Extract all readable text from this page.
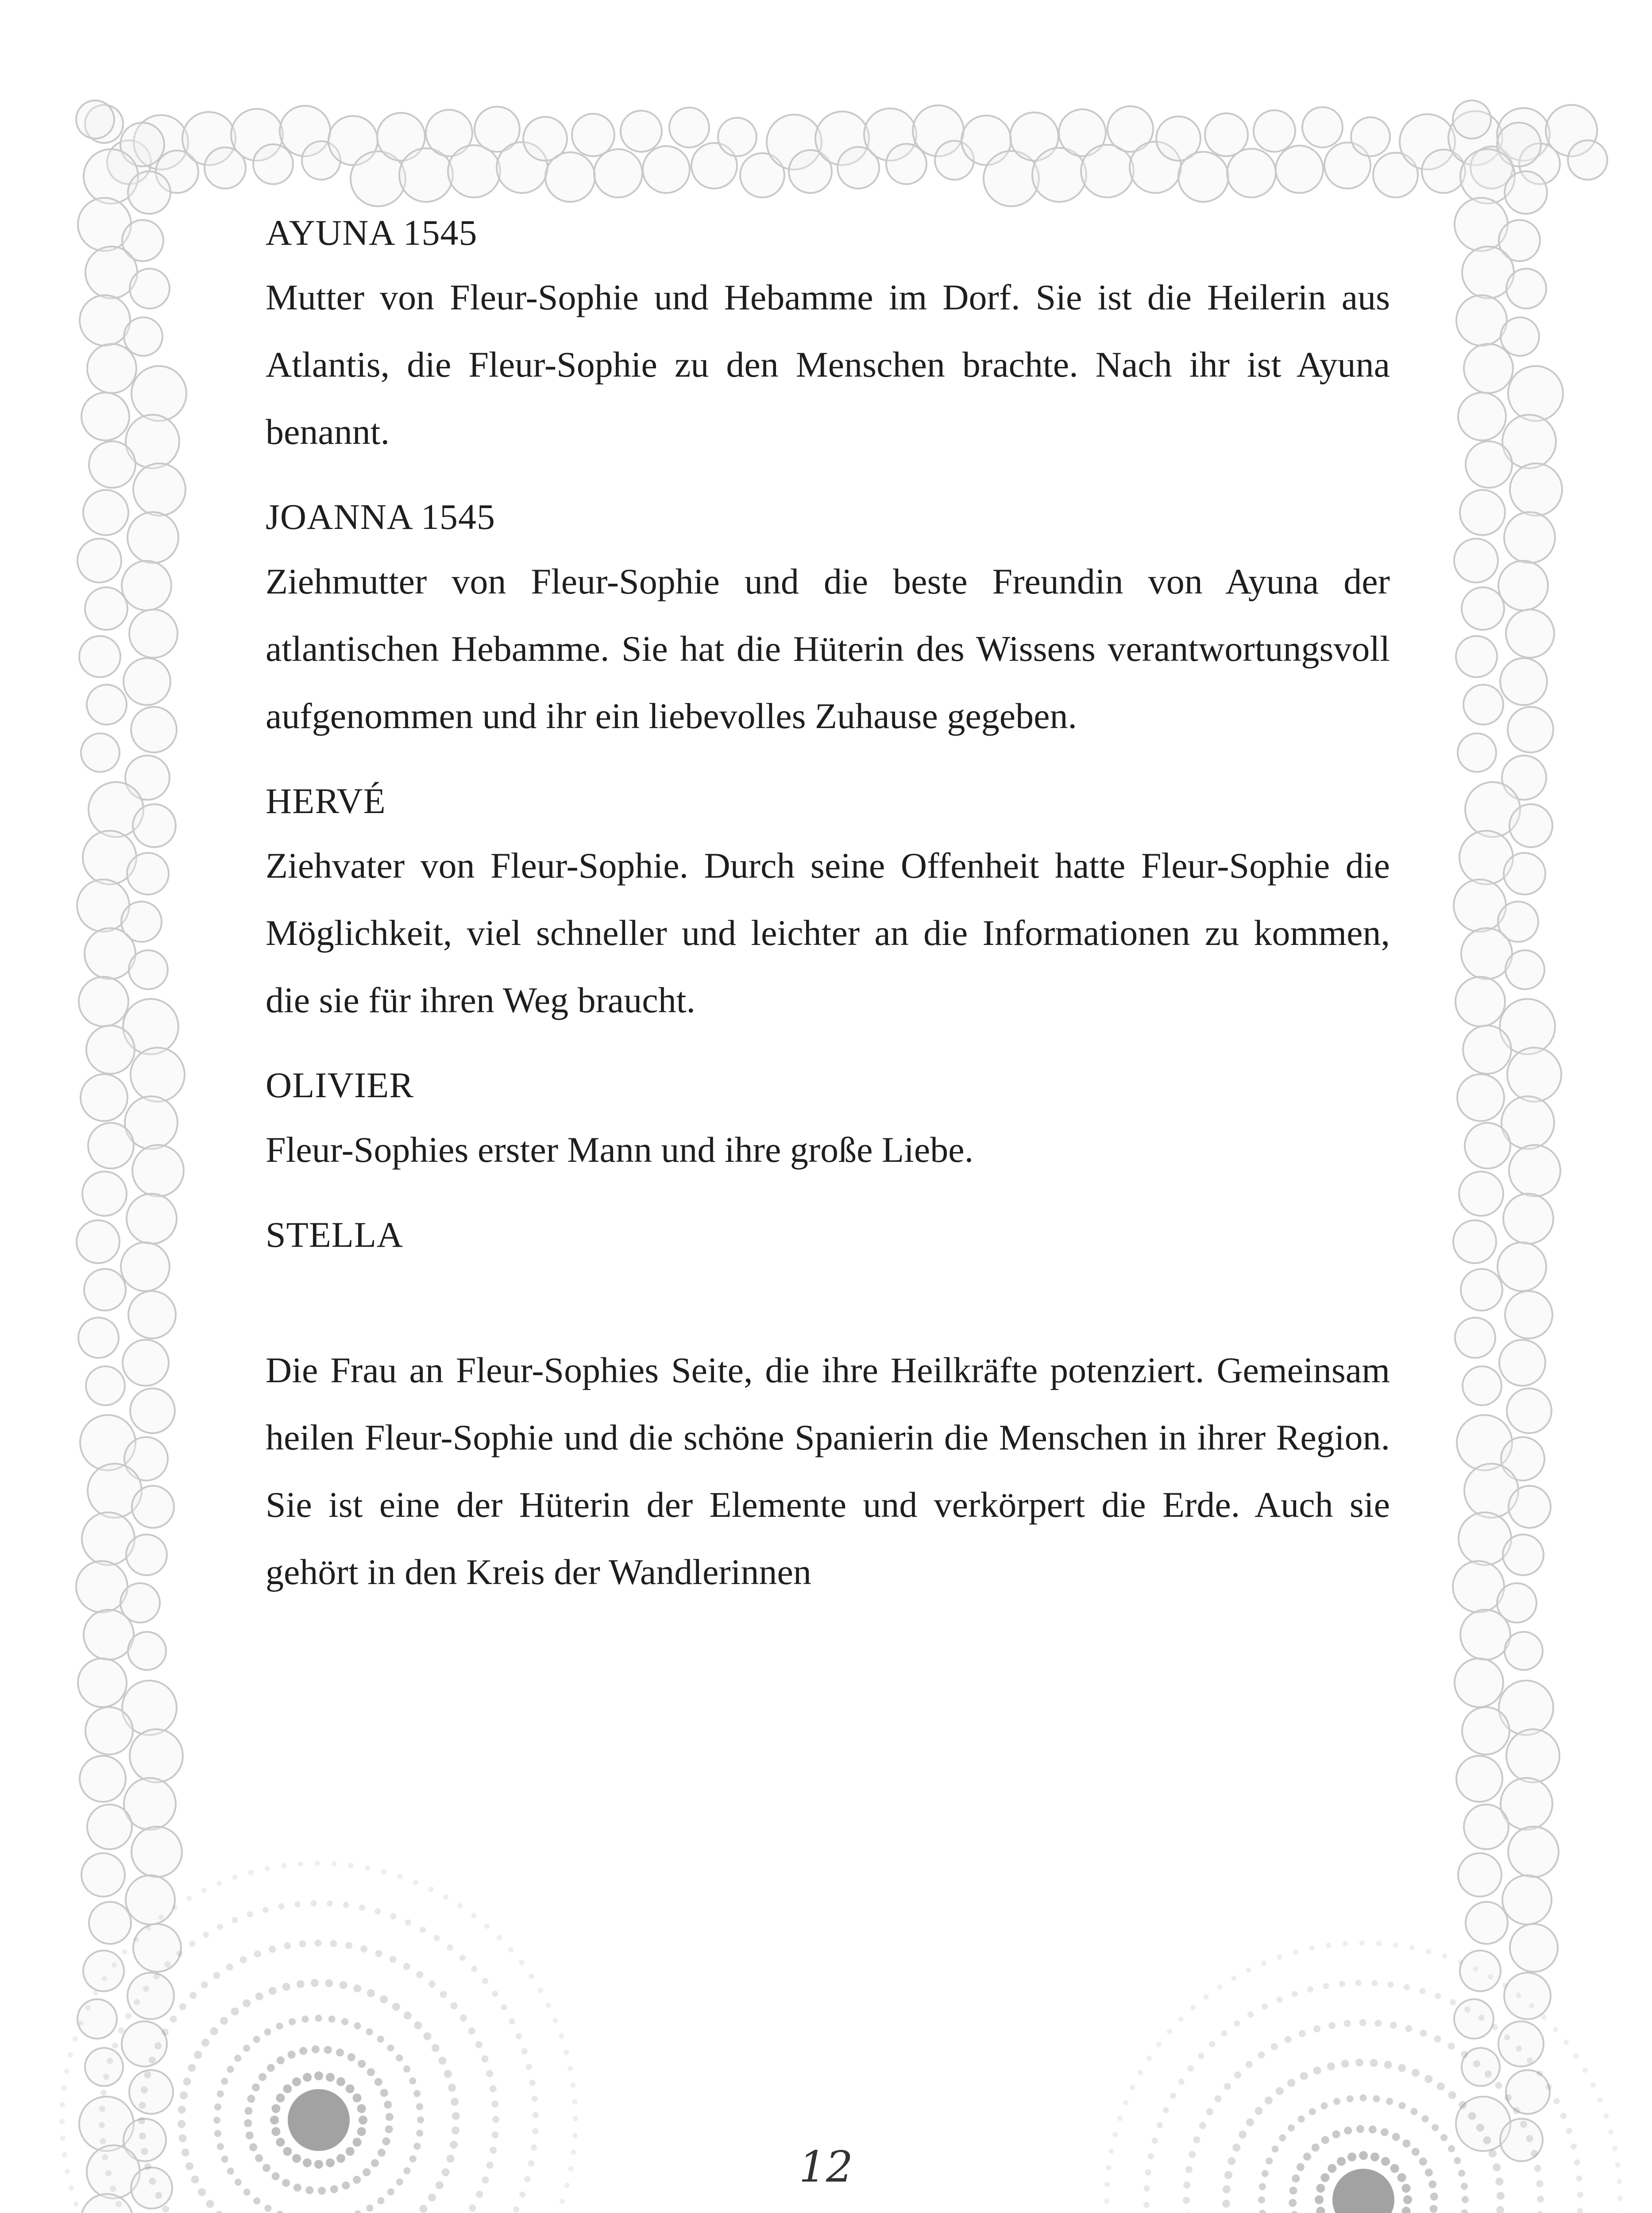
AYUNA 1545

Mutter von Fleur-Sophie und Hebamme im Dorf. Sie ist die Heilerin aus Atlantis, die Fleur-Sophie zu den Menschen brachte. Nach ihr ist Ayuna benannt.

JOANNA 1545

Ziehmutter von Fleur-Sophie und die beste Freundin von Ayuna der atlantischen Hebamme. Sie hat die Hüterin des Wissens verantwortungsvoll aufgenommen und ihr ein liebevolles Zuhause gegeben.

HERVÉ

Ziehvater von Fleur-Sophie. Durch seine Offenheit hatte Fleur-Sophie die Möglichkeit, viel schneller und leichter an die Informationen zu kommen, die sie für ihren Weg braucht.

OLIVIER

Fleur-Sophies erster Mann und ihre große Liebe.

STELLA

Die Frau an Fleur-Sophies Seite, die ihre Heilkräfte potenziert. Gemeinsam heilen Fleur-Sophie und die schöne Spanierin die Menschen in ihrer Region. Sie ist eine der Hüterin der Elemente und verkörpert die Erde. Auch sie gehört in den Kreis der Wandlerinnen

12
